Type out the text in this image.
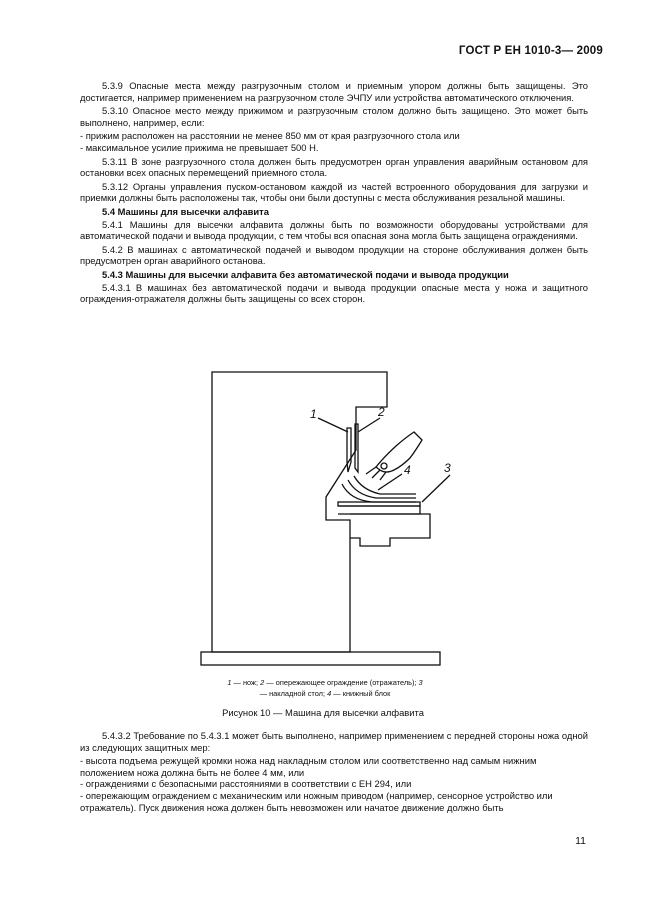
ГОСТ Р ЕН 1010-3— 2009

5.3.9 Опасные места между разгрузочным столом и приемным упором должны быть защищены. Это достигается, например применением на разгрузочном столе ЭЧПУ или устройства автоматического отключения.

5.3.10 Опасное место между прижимом и разгрузочным столом должно быть защищено. Это может быть выполнено, например, если:

- прижим расположен на расстоянии не менее 850 мм от края разгрузочного стола или

- максимальное усилие прижима не превышает 500 Н.

5.3.11 В зоне разгрузочного стола должен быть предусмотрен орган управления аварийным остановом для остановки всех опасных перемещений приемного стола.

5.3.12 Органы управления пуском-остановом каждой из частей встроенного оборудования для загрузки и приемки должны быть расположены так, чтобы они были доступны с места обслуживания резальной машины.

5.4 Машины для высечки алфавита

5.4.1 Машины для высечки алфавита должны быть по возможности оборудованы устройствами для автоматической подачи и вывода продукции, с тем чтобы вся опасная зона могла быть защищена ограждениями.

5.4.2 В машинах с автоматической подачей и выводом продукции на стороне обслуживания должен быть предусмотрен орган аварийного останова.

5.4.3 Машины для высечки алфавита без автоматической подачи и вывода продукции

5.4.3.1 В машинах без автоматической подачи и вывода продукции опасные места у ножа и защитного ограждения-отражателя должны быть защищены со всех сторон.

1	2
3
4
1 — нож; 2 — опережающее ограждение (отражатель); 3
— накладной стол; 4 — книжный блок
Рисунок 10 — Машина для высечки алфавита

5.4.3.2 Требование по 5.4.3.1 может быть выполнено, например применением с передней стороны ножа одной из следующих защитных мер:

- высота подъема режущей кромки ножа над накладным столом или соответственно над самым нижним положением ножа должна быть не более 4 мм, или

- ограждениями с безопасными расстояниями в соответствии с ЕН 294, или

- опережающим ограждением с механическим или ножным приводом (например, сенсорное устройство или отражатель). Пуск движения ножа должен быть невозможен или начатое движение должно быть

11
